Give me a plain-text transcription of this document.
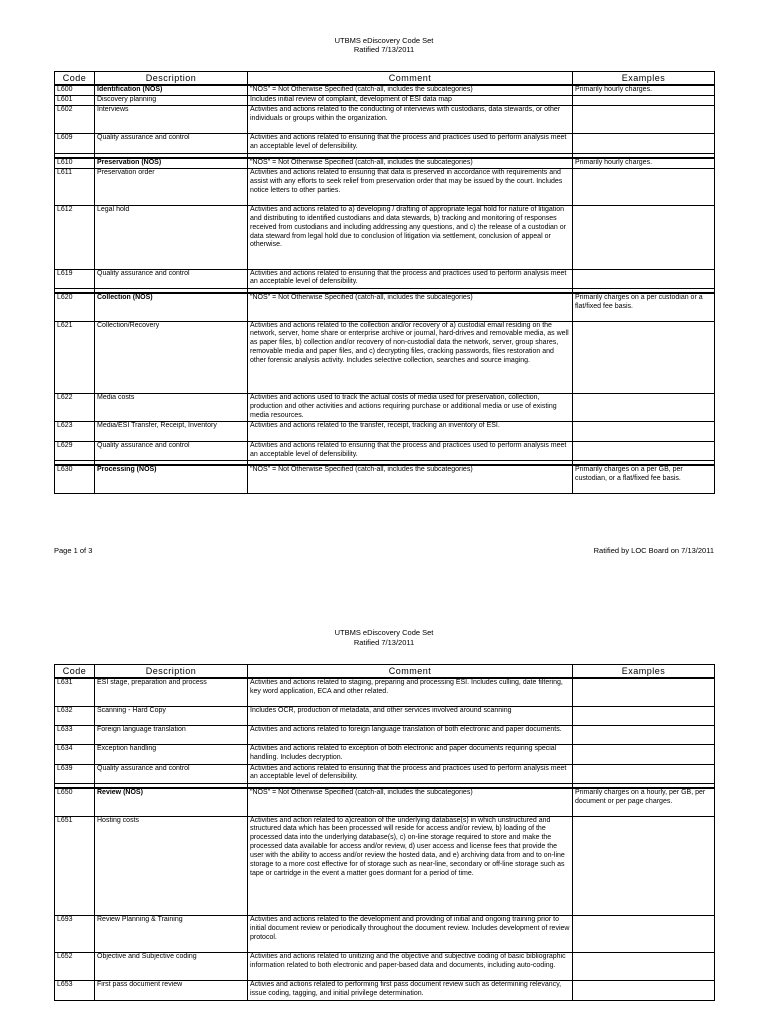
UTBMS eDiscovery Code Set
Ratified 7/13/2011
Code	Description	Comment	Examples
L600	Identification (NOS)	"NOS" = Not Otherwise Specified (catch-all, includes the subcategories)	Primarily hourly charges.
L601	Discovery planning	Includes initial review of complaint, development of ESI data map	
L602	Interviews	Activities and actions related to the conducting of interviews with custodians, data stewards, or other individuals or groups within the organization.	
L609	Quality assurance and control	Activities and actions related to ensuring that the process and practices used to perform analysis meet an acceptable level of defensibility.	

L610	Preservation (NOS)	"NOS" = Not Otherwise Specified (catch-all, includes the subcategories)	Primarily hourly charges.
L611	Preservation order	Activities and actions related to ensuring that data is preserved in accordance with requirements and assist with any efforts to seek relief from preservation order that may be issued by the court. Includes notice letters to other parties.	
L612	Legal hold	Activities and actions related to a) developing / drafting of appropriate legal hold for nature of litigation and distributing to identified custodians and data stewards, b) tracking and monitoring of responses received from custodians and including addressing any questions, and c) the release of a custodian or data steward from legal hold due to conclusion of litigation via settlement, conclusion of appeal or otherwise.	
L619	Quality assurance and control	Activities and actions related to ensuring that the process and practices used to perform analysis meet an acceptable level of defensibility.	

L620	Collection (NOS)	"NOS" = Not Otherwise Specified (catch-all, includes the subcategories)	Primarily charges on a per custodian or a flat/fixed fee basis.
L621	Collection/Recovery	Activities and actions related to the collection and/or recovery of a) custodial email residing on the network, server, home share or enterprise archive or journal, hard-drives and removable media, as well as paper files, b) collection and/or recovery of non-custodial data the network, server, group shares, removable media and paper files, and c) decrypting files, cracking passwords, files restoration and other forensic analysis activity. Includes selective collection, searches and source imaging.	
L622	Media costs	Activities and actions used to track the actual costs of media used for preservation, collection, production and other activities and actions requiring purchase or additional media or use of existing media resources.	
L623	Media/ESI Transfer, Receipt, Inventory	Activities and actions related to the transfer, receipt, tracking an inventory of ESI.	
L629	Quality assurance and control	Activities and actions related to ensuring that the process and practices used to perform analysis meet an acceptable level of defensibility.	

L630	Processing (NOS)	"NOS" = Not Otherwise Specified (catch-all, includes the subcategories)	Primarily charges on a per GB, per custodian, or a flat/fixed fee basis.
Page 1 of 3	Ratified by LOC Board on 7/13/2011
UTBMS eDiscovery Code Set
Ratified 7/13/2011
Code	Description	Comment	Examples
L631	ESI stage, preparation and process	Activities and actions related to staging, preparing and processing ESI. Includes culling, date filtering, key word application, ECA and other related.	
L632	Scanning - Hard Copy	Includes OCR, production of metadata, and other services involved around scanning	
L633	Foreign language translation	Activities and actions related to foreign language translation of both electronic and paper documents.	
L634	Exception handling	Activities and actions related to exception of both electronic and paper documents requiring special handling. Includes decryption.	
L639	Quality assurance and control	Activities and actions related to ensuring that the process and practices used to perform analysis meet an acceptable level of defensibility.	

L650	Review (NOS)	"NOS" = Not Otherwise Specified (catch-all, includes the subcategories)	Primarily charges on a hourly, per GB, per document or per page charges.
L651	Hosting costs	Activities and action related to a)creation of the underlying database(s) in which unstructured and structured data which has been processed will reside for access and/or review, b) loading of the processed data into the underlying database(s), c) on-line storage required to store and make the processed data available for access and/or review, d) user access and license fees that provide the user with the ability to access and/or review the hosted data, and e) archiving data from and to on-line storage to a more cost effective for of storage such as near-line, secondary or off-line storage such as tape or cartridge in the event a matter goes dormant for a period of time.	
L693	Review Planning & Training	Activities and actions related to the development and providing of initial and ongoing training prior to initial document review or periodically throughout the document review. Includes development of review protocol.	
L652	Objective and Subjective coding	Activities and actions related to unitizing and the objective and subjective coding of basic bibliographic information related to both electronic and paper-based data and documents, including auto-coding.	
L653	First pass document review	Activies and actions related to performing first pass document review such as determining relevancy, issue coding, tagging, and initial privilege determination.	
